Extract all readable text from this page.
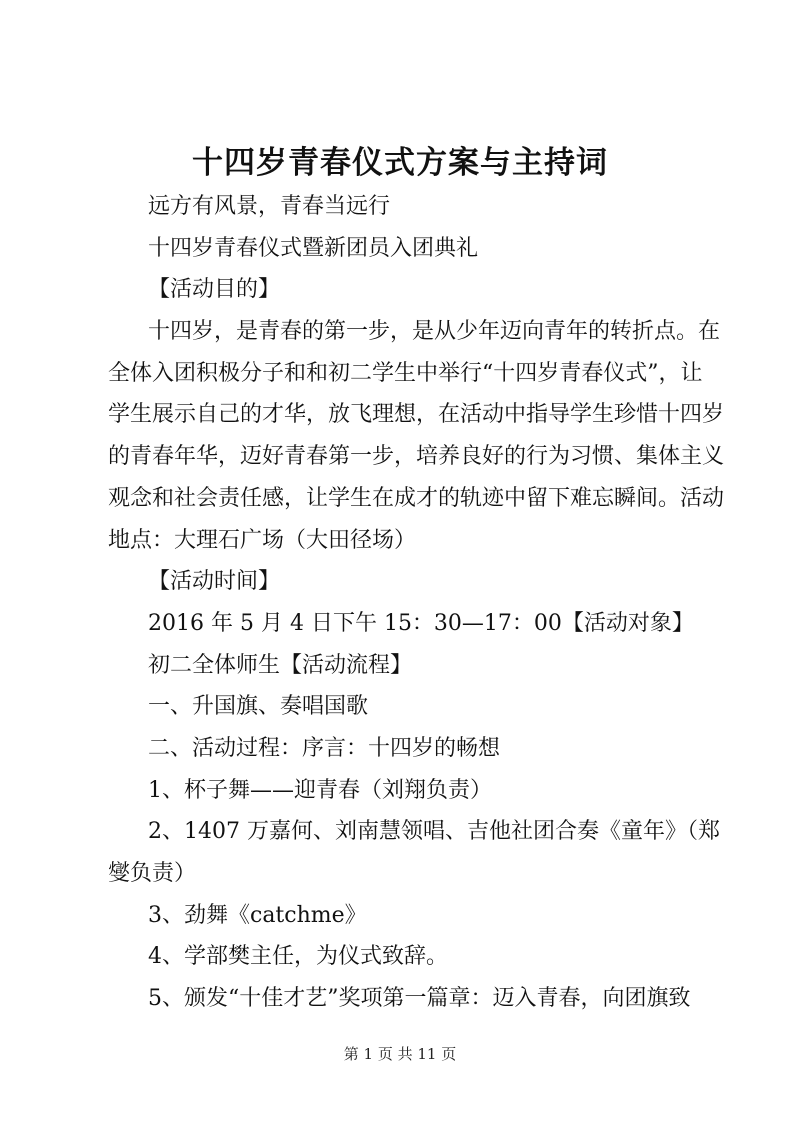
十四岁青春仪式方案与主持词

远方有风景，青春当远行

十四岁青春仪式暨新团员入团典礼

【活动目的】

十四岁，是青春的第一步，是从少年迈向青年的转折点。在
全体入团积极分子和和初二学生中举行“十四岁青春仪式”，让
学生展示自己的才华，放飞理想，在活动中指导学生珍惜十四岁
的青春年华，迈好青春第一步，培养良好的行为习惯、集体主义
观念和社会责任感，让学生在成才的轨迹中留下难忘瞬间。活动
地点：大理石广场（大田径场）

【活动时间】

2016 年 5 月 4 日下午 15：30—17：00【活动对象】

初二全体师生【活动流程】

一、升国旗、奏唱国歌

二、活动过程：序言：十四岁的畅想

1、杯子舞——迎青春（刘翔负责）

2、1407 万嘉何、刘南慧领唱、吉他社团合奏《童年》（郑
燮负责）

3、劲舞《catchme》

4、学部樊主任，为仪式致辞。

5、颁发“十佳才艺”奖项第一篇章：迈入青春，向团旗致

第 1 页 共 11 页
